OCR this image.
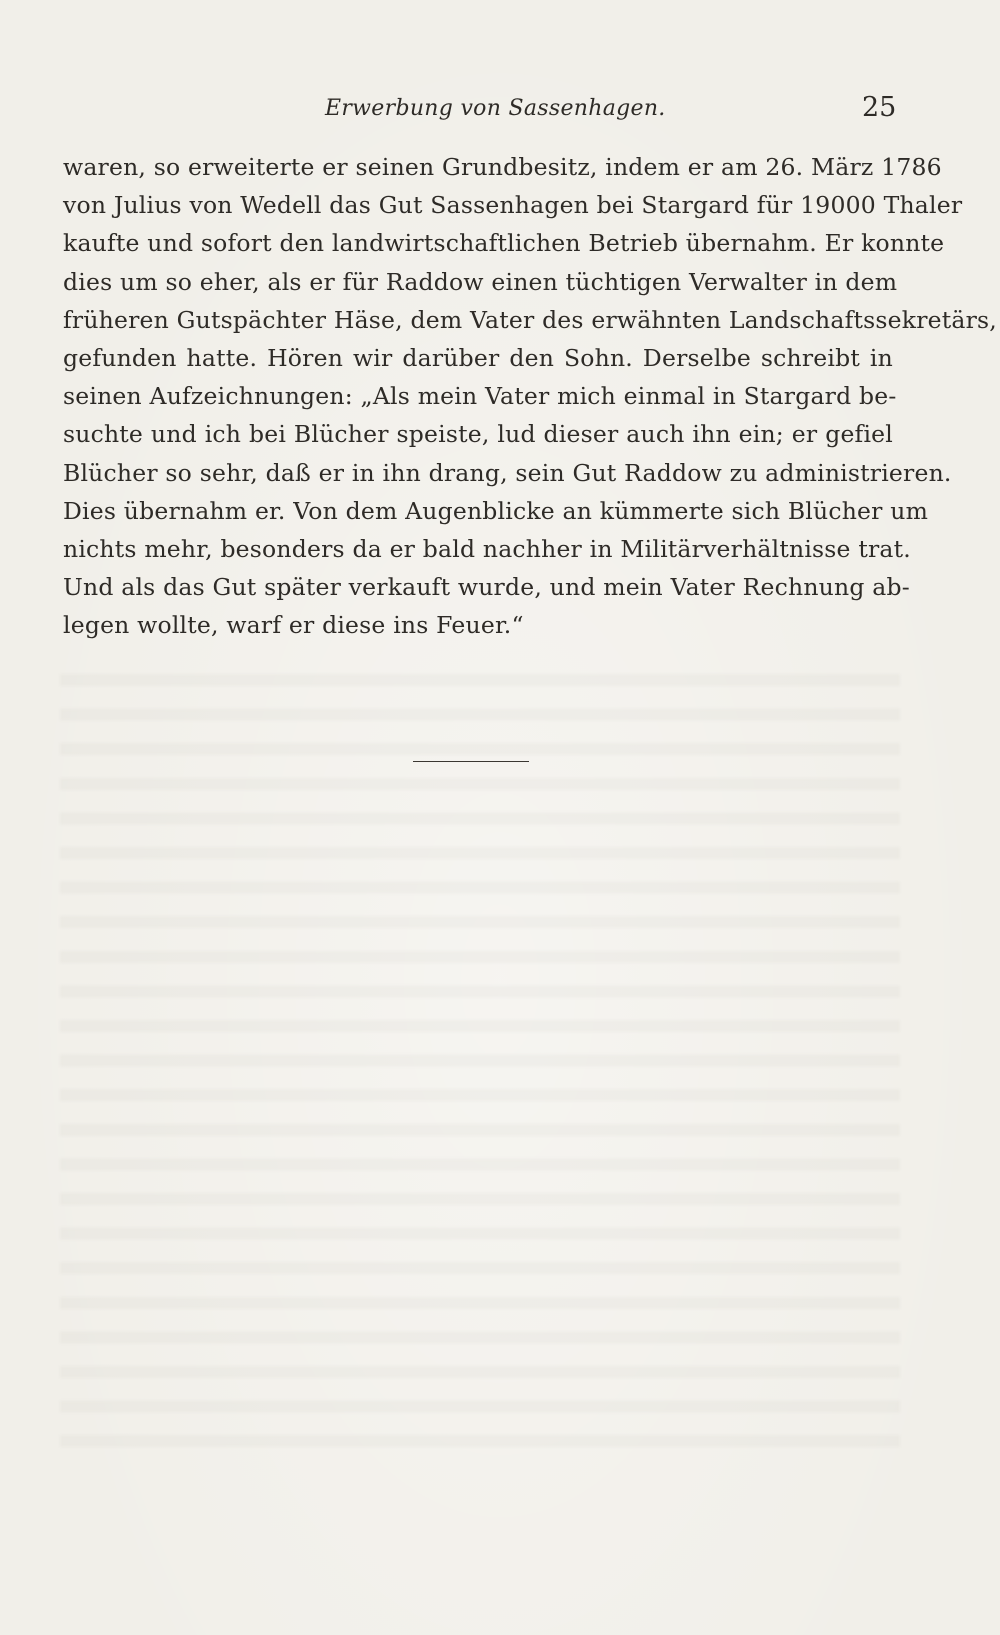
Erwerbung von Sassenhagen.	25
waren, so erweiterte er seinen Grundbesitz, indem er am 26. März 1786
von Julius von Wedell das Gut Sassenhagen bei Stargard für 19000 Thaler
kaufte und sofort den landwirtschaftlichen Betrieb übernahm. Er konnte
dies um so eher, als er für Raddow einen tüchtigen Verwalter in dem
früheren Gutspächter Häse, dem Vater des erwähnten Landschaftssekretärs,
gefunden hatte. Hören wir darüber den Sohn. Derselbe schreibt in
seinen Aufzeichnungen: „Als mein Vater mich einmal in Stargard be-
suchte und ich bei Blücher speiste, lud dieser auch ihn ein; er gefiel
Blücher so sehr, daß er in ihn drang, sein Gut Raddow zu administrieren.
Dies übernahm er. Von dem Augenblicke an kümmerte sich Blücher um
nichts mehr, besonders da er bald nachher in Militärverhältnisse trat.
Und als das Gut später verkauft wurde, und mein Vater Rechnung ab-
legen wollte, warf er diese ins Feuer.“
